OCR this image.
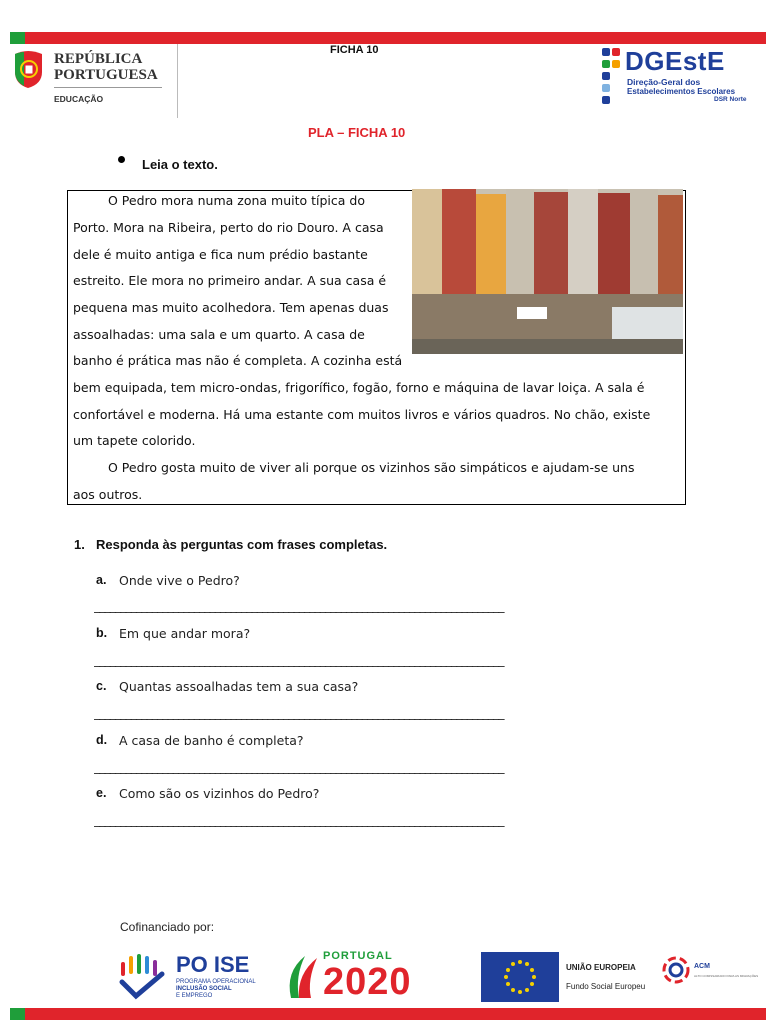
REPÚBLICA
PORTUGUESA
EDUCAÇÃO
FICHA 10	DGEstE
Direção-Geral dos
Estabelecimentos Escolares
DSR Norte
PLA – FICHA 10
Leia o texto.
O Pedro mora numa zona muito típica do
Porto. Mora na Ribeira, perto do rio Douro. A casa
dele é muito antiga e fica num prédio bastante
estreito. Ele mora no primeiro andar. A sua casa é
pequena mas muito acolhedora. Tem apenas duas
assoalhadas: uma sala e um quarto. A casa de
banho é prática mas não é completa. A cozinha está
bem equipada, tem micro-ondas, frigorífico, fogão, forno e máquina de lavar loiça. A sala é
confortável e moderna. Há uma estante com muitos livros e vários quadros. No chão, existe
um tapete colorido.
O Pedro gosta muito de viver ali porque os vizinhos são simpáticos e ajudam-se uns
aos outros.
1. Responda às perguntas com frases completas.
a. Onde vive o Pedro?
______________________________________________________________________________
b. Em que andar mora?
______________________________________________________________________________
c. Quantas assoalhadas tem a sua casa?
______________________________________________________________________________
d. A casa de banho é completa?
______________________________________________________________________________
e. Como são os vizinhos do Pedro?
______________________________________________________________________________
Cofinanciado por:
PO ISE
PROGRAMA OPERACIONAL
INCLUSÃO SOCIAL
E EMPREGO
PORTUGAL
2020	UNIÃO EUROPEIA
Fundo Social Europeu
ACM
ALTO COMISSARIADO PARA AS MIGRAÇÕES
